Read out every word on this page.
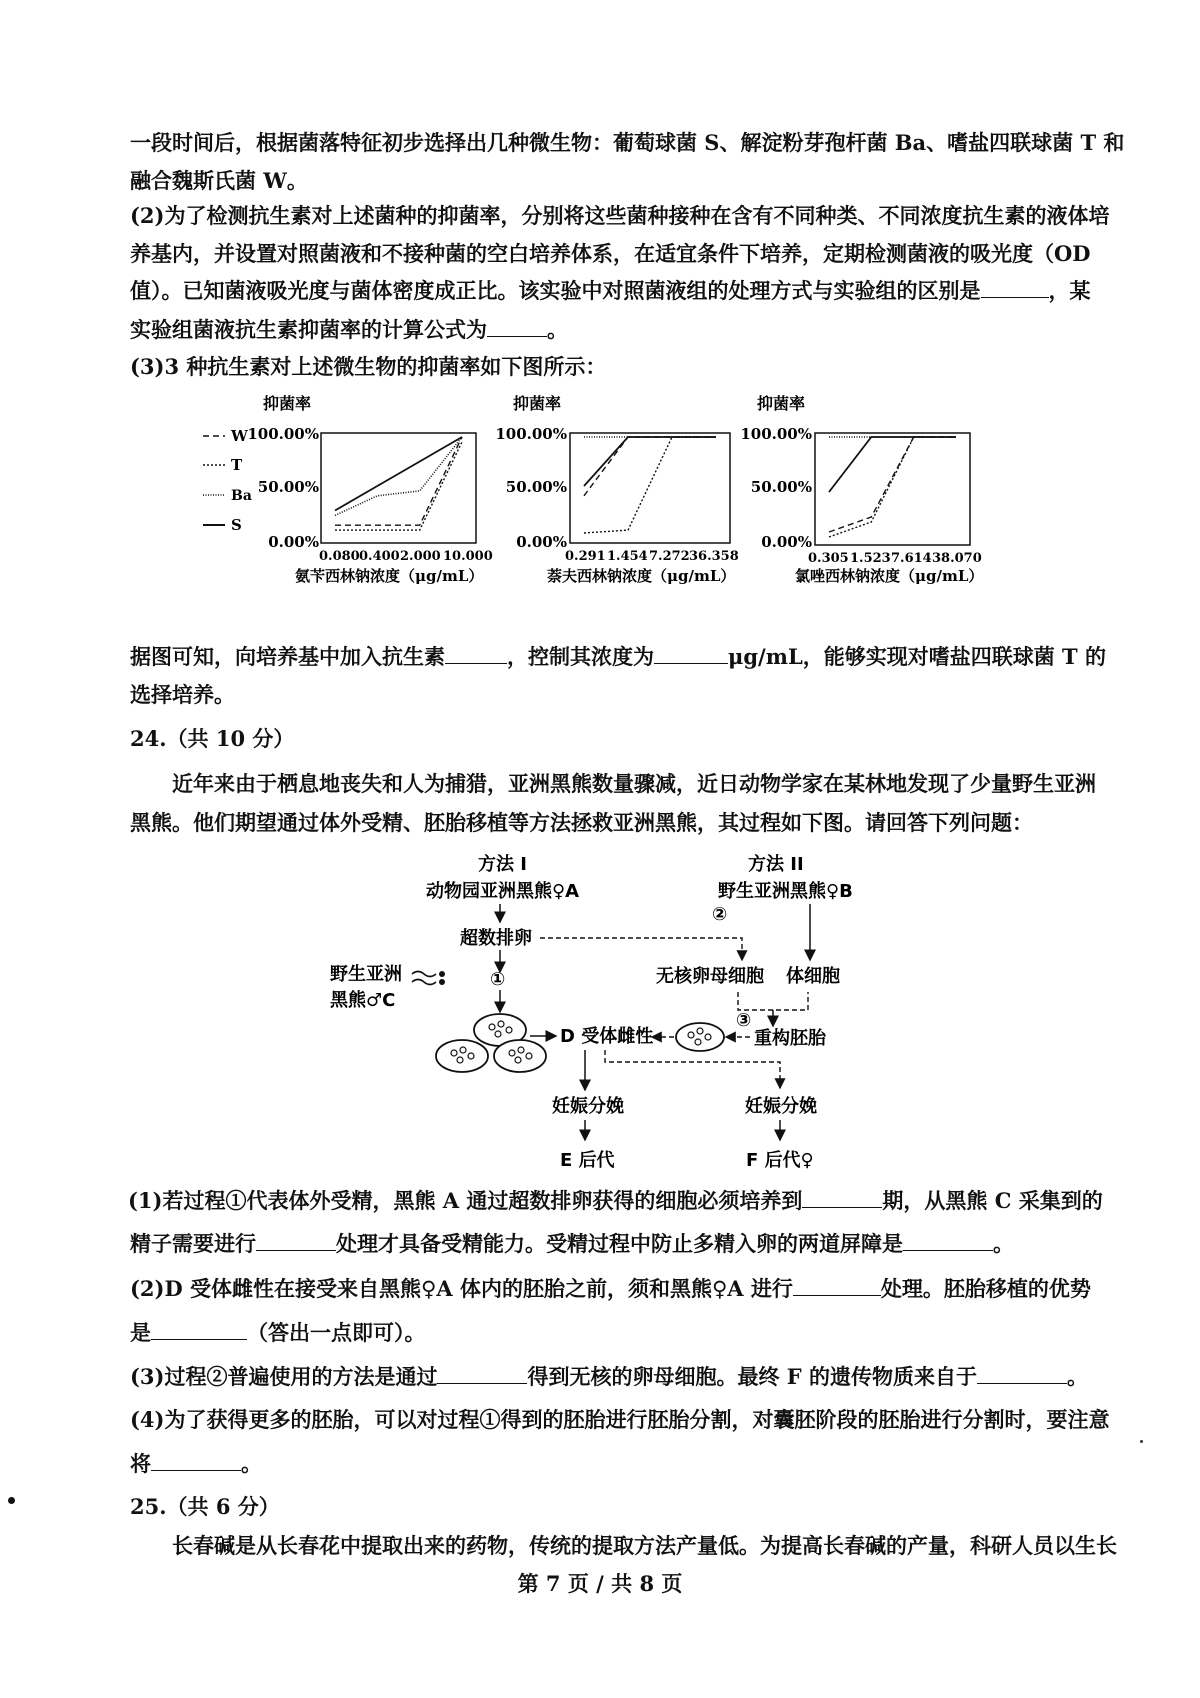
一段时间后，根据菌落特征初步选择出几种微生物：葡萄球菌 S、解淀粉芽孢杆菌 Ba、嗜盐四联球菌 T 和
融合魏斯氏菌 W。
(2)为了检测抗生素对上述菌种的抑菌率，分别将这些菌种接种在含有不同种类、不同浓度抗生素的液体培
养基内，并设置对照菌液和不接种菌的空白培养体系，在适宜条件下培养，定期检测菌液的吸光度（OD
值）。已知菌液吸光度与菌体密度成正比。该实验中对照菌液组的处理方式与实验组的区别是	，某
实验组菌液抗生素抑菌率的计算公式为	。
(3)3 种抗生素对上述微生物的抑菌率如下图所示：
抑菌率
100.00%
50.00%
0.00%
W
T
Ba
S
0.080 0.400 2.000 10.000
氨苄西林钠浓度（μg/mL）
抑菌率
100.00%
50.00%
0.00%
0.291 1.454 7.272 36.358
萘夫西林钠浓度（μg/mL）
抑菌率
100.00%
50.00%
0.00%
0.305 1.523 7.614 38.070
氯唑西林钠浓度（μg/mL）
据图可知，向培养基中加入抗生素	，控制其浓度为	μg/mL，能够实现对嗜盐四联球菌 T 的
选择培养。
24.（共 10 分）
近年来由于栖息地丧失和人为捕猎，亚洲黑熊数量骤减，近日动物学家在某林地发现了少量野生亚洲
黑熊。他们期望通过体外受精、胚胎移植等方法拯救亚洲黑熊，其过程如下图。请回答下列问题：
方法 I
动物园亚洲黑熊♀A
超数排卵
②
野生亚洲
黑熊♂C
①
D 受体雌性
妊娠分娩
E 后代
方法 II
野生亚洲黑熊♀B
无核卵母细胞 体细胞
③
重构胚胎
妊娠分娩
F 后代♀
(1)若过程①代表体外受精，黑熊 A 通过超数排卵获得的细胞必须培养到	期，从黑熊 C 采集到的
精子需要进行	处理才具备受精能力。受精过程中防止多精入卵的两道屏障是	。
(2)D 受体雌性在接受来自黑熊♀A 体内的胚胎之前，须和黑熊♀A 进行	处理。胚胎移植的优势
是	（答出一点即可）。
(3)过程②普遍使用的方法是通过	得到无核的卵母细胞。最终 F 的遗传物质来自于	。
(4)为了获得更多的胚胎，可以对过程①得到的胚胎进行胚胎分割，对囊胚阶段的胚胎进行分割时，要注意
将	。
25.（共 6 分）
长春碱是从长春花中提取出来的药物，传统的提取方法产量低。为提高长春碱的产量，科研人员以生长
第 7 页 / 共 8 页
